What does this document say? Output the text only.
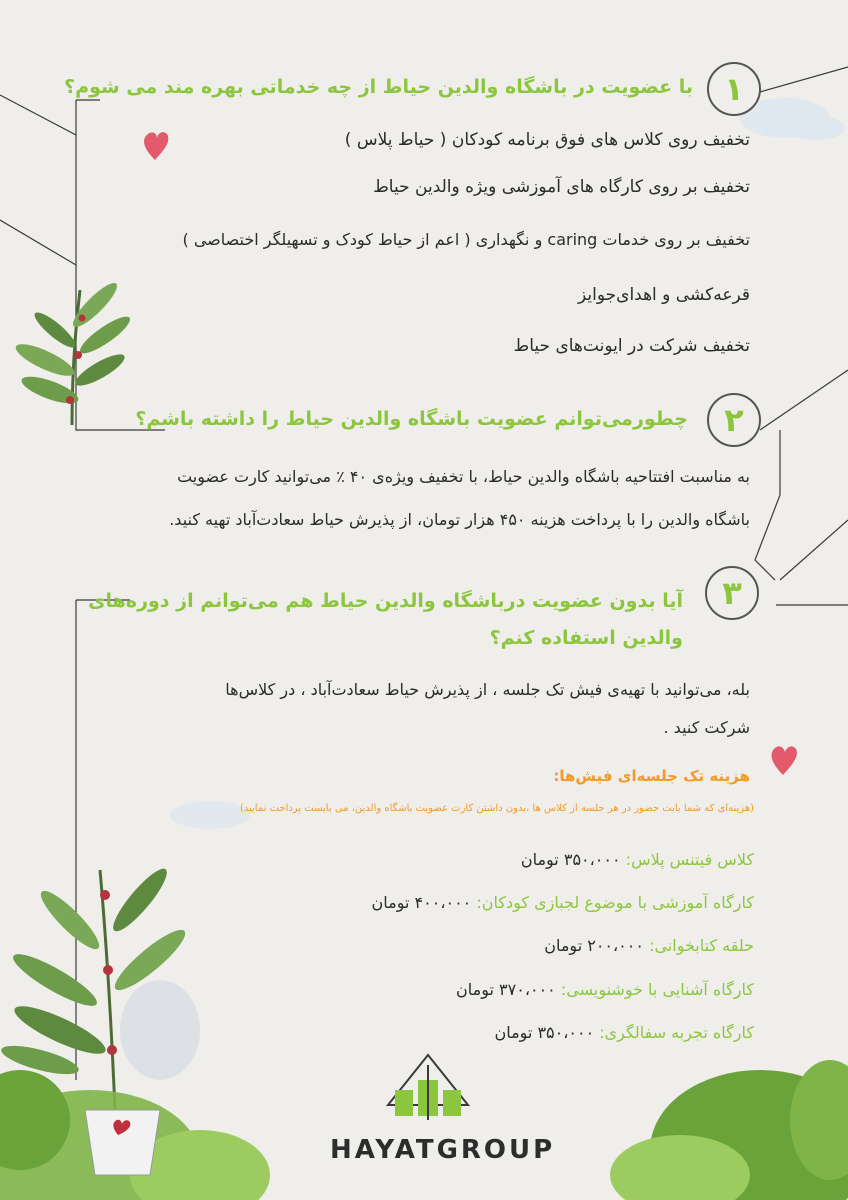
۱
با عضویت در باشگاه والدین حیاط از چه خدماتی بهره مند می شوم؟
تخفیف روی کلاس های فوق برنامه کودکان ( حیاط پلاس )
تخفیف بر روی کارگاه های آموزشی ویژه والدین حیاط
تخفیف بر روی خدمات caring و نگهداری ( اعم از حیاط کودک و تسهیلگر اختصاصی )
قرعه‌کشی و اهدای‌جوایز
تخفیف شرکت در ایونت‌های حیاط
۲
چطورمی‌توانم عضویت باشگاه والدین حیاط را داشته باشم؟
به مناسبت افتتاحیه باشگاه والدین حیاط، با تخفیف ویژه‌ی ۴۰ ٪ می‌توانید کارت عضویت
باشگاه والدین را با پرداخت هزینه ۴۵۰ هزار تومان، از پذیرش حیاط سعادت‌آباد تهیه کنید.
۳
آیا بدون عضویت درباشگاه والدین حیاط هم می‌توانم از دوره‌های
والدین استفاده کنم؟
بله، می‌توانید با تهیه‌ی فیش تک جلسه ، از پذیرش حیاط سعادت‌آباد ، در کلاس‌ها
شرکت کنید .
هزینه تک جلسه‌ای فیش‌ها:
(هزینه‌ای که شما بابت حضور در هر جلسه از کلاس ها ،بدون داشتن کارت عضویت باشگاه والدین، می بایست پرداخت نمایید)
کلاس فیتنس پلاس: ۳۵۰،۰۰۰ تومان
کارگاه آموزشی با موضوع لجبازی کودکان: ۴۰۰،۰۰۰ تومان
حلقه کتابخوانی: ۲۰۰،۰۰۰ تومان
کارگاه آشنایی با خوشنویسی: ۳۷۰،۰۰۰ تومان
کارگاه تجربه سفالگری: ۳۵۰،۰۰۰ تومان
HAYATGROUP
